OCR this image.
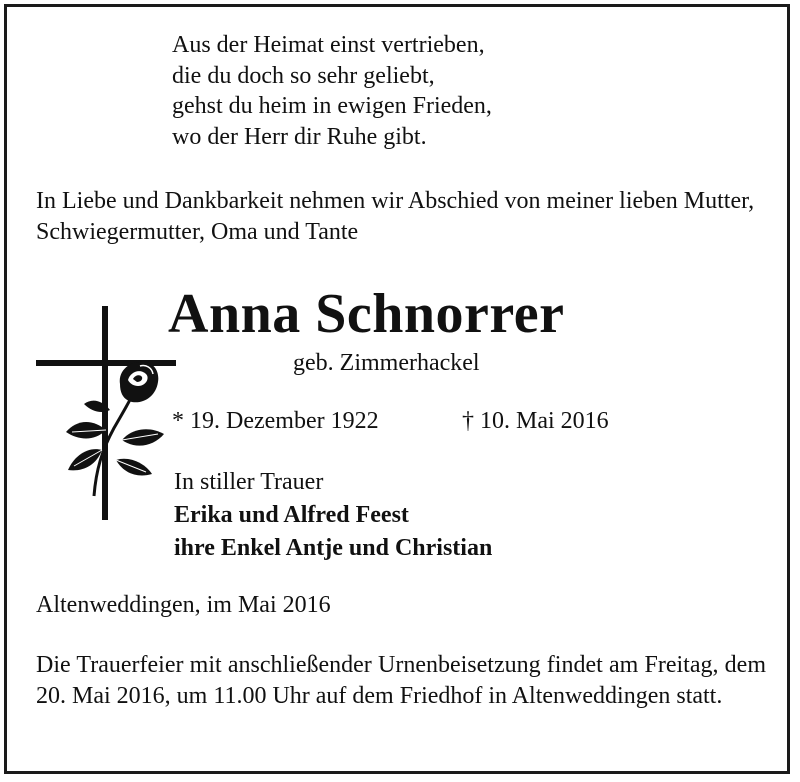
Aus der Heimat einst vertrieben,
die du doch so sehr geliebt,
gehst du heim in ewigen Frieden,
wo der Herr dir Ruhe gibt.
In Liebe und Dankbarkeit nehmen wir Abschied von meiner lieben Mutter, Schwiegermutter, Oma und Tante
Anna Schnorrer
geb. Zimmerhackel
* 19. Dezember 1922	† 10. Mai 2016
In stiller Trauer
Erika und Alfred Feest
ihre Enkel Antje und Christian
Altenweddingen, im Mai 2016
Die Trauerfeier mit anschließender Urnenbeisetzung findet am Freitag, dem 20. Mai 2016, um 11.00 Uhr auf dem Friedhof in Altenweddingen statt.
